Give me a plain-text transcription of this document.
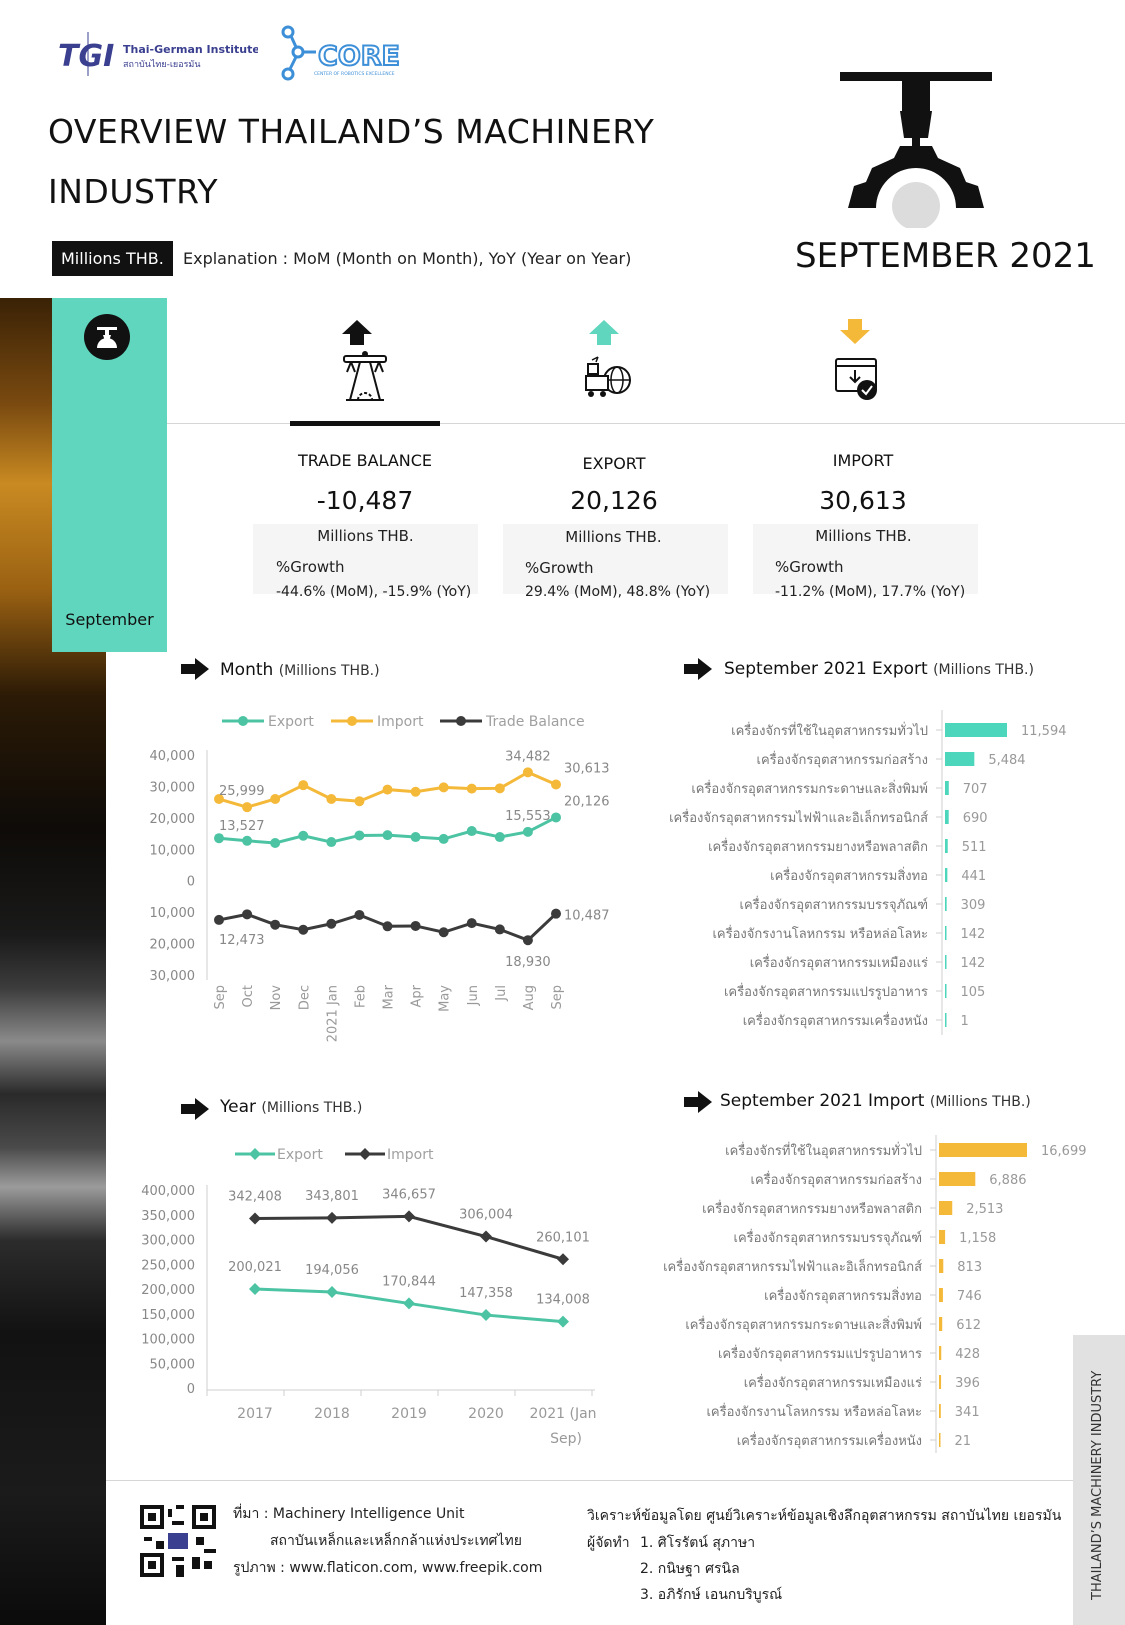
September
THAILAND’S MACHINERY INDUSTRY
TGI Thai-German Institute
สถาบันไทย-เยอรมัน	CORE
CENTER OF ROBOTICS EXCELLENCE
OVERVIEW THAILAND’S MACHINERY
INDUSTRY
Millions THB.	Explanation : MoM (Month on Month), YoY (Year on Year)	SEPTEMBER 2021
TRADE BALANCE
-10,487
Millions THB.
%Growth
-44.6% (MoM), -15.9% (YoY)
EXPORT
20,126
Millions THB.
%Growth
29.4% (MoM), 48.8% (YoY)
IMPORT
30,613
Millions THB.
%Growth
-11.2% (MoM), 17.7% (YoY)
Month (Millions THB.)	September 2021 Export (Millions THB.)
Year (Millions THB.)	September 2021 Import (Millions THB.)
Export	Import	Trade Balance
40,000
30,000
20,000
10,000
0
10,000
20,000
30,000
25,999
34,482
30,613
13,527
15,553
20,126
12,473
18,930
10,487
Sep Oct Nov Dec 2021 Jan Feb Mar Apr May Jun Jul Aug Sep
Export	Import
400,000
350,000
300,000
250,000
200,000
150,000
100,000
50,000
0
200,021 194,056
170,844
147,358 134,008
342,408 343,801 346,657
306,004
260,101
2017	2018	2019	2020 2021 (Jan
Sep)
เครื่องจักรที่ใช้ในอุตสาหกรรมทั่วไป	11,594
เครื่องจักรอุตสาหกรรมก่อสร้าง	5,484
เครื่องจักรอุตสาหกรรมกระดาษและสิ่งพิมพ์	707
เครื่องจักรอุตสาหกรรมไฟฟ้าและอิเล็กทรอนิกส์	690
เครื่องจักรอุตสาหกรรมยางหรือพลาสติก	511
เครื่องจักรอุตสาหกรรมสิ่งทอ	441
เครื่องจักรอุตสาหกรรมบรรจุภัณฑ์	309
เครื่องจักรงานโลหกรรม หรือหล่อโลหะ	142
เครื่องจักรอุตสาหกรรมเหมืองแร่	142
เครื่องจักรอุตสาหกรรมแปรรูปอาหาร	105
เครื่องจักรอุตสาหกรรมเครื่องหนัง	1
เครื่องจักรที่ใช้ในอุตสาหกรรมทั่วไป	16,699
เครื่องจักรอุตสาหกรรมก่อสร้าง	6,886
เครื่องจักรอุตสาหกรรมยางหรือพลาสติก	2,513
เครื่องจักรอุตสาหกรรมบรรจุภัณฑ์	1,158
เครื่องจักรอุตสาหกรรมไฟฟ้าและอิเล็กทรอนิกส์	813
เครื่องจักรอุตสาหกรรมสิ่งทอ	746
เครื่องจักรอุตสาหกรรมกระดาษและสิ่งพิมพ์	612
เครื่องจักรอุตสาหกรรมแปรรูปอาหาร	428
เครื่องจักรอุตสาหกรรมเหมืองแร่	396
เครื่องจักรงานโลหกรรม หรือหล่อโลหะ	341
เครื่องจักรอุตสาหกรรมเครื่องหนัง	21
ที่มา : Machinery Intelligence Unit
สถาบันเหล็กและเหล็กกล้าแห่งประเทศไทย
รูปภาพ : www.flaticon.com, www.freepik.com
วิเคราะห์ข้อมูลโดย ศูนย์วิเคราะห์ข้อมูลเชิงลึกอุตสาหกรรม สถาบันไทย เยอรมัน
ผู้จัดทำ 1. ศิโรรัตน์ สุภาษา
2. กนิษฐา ศรนิล
3. อภิรักษ์ เอนกบริบูรณ์
